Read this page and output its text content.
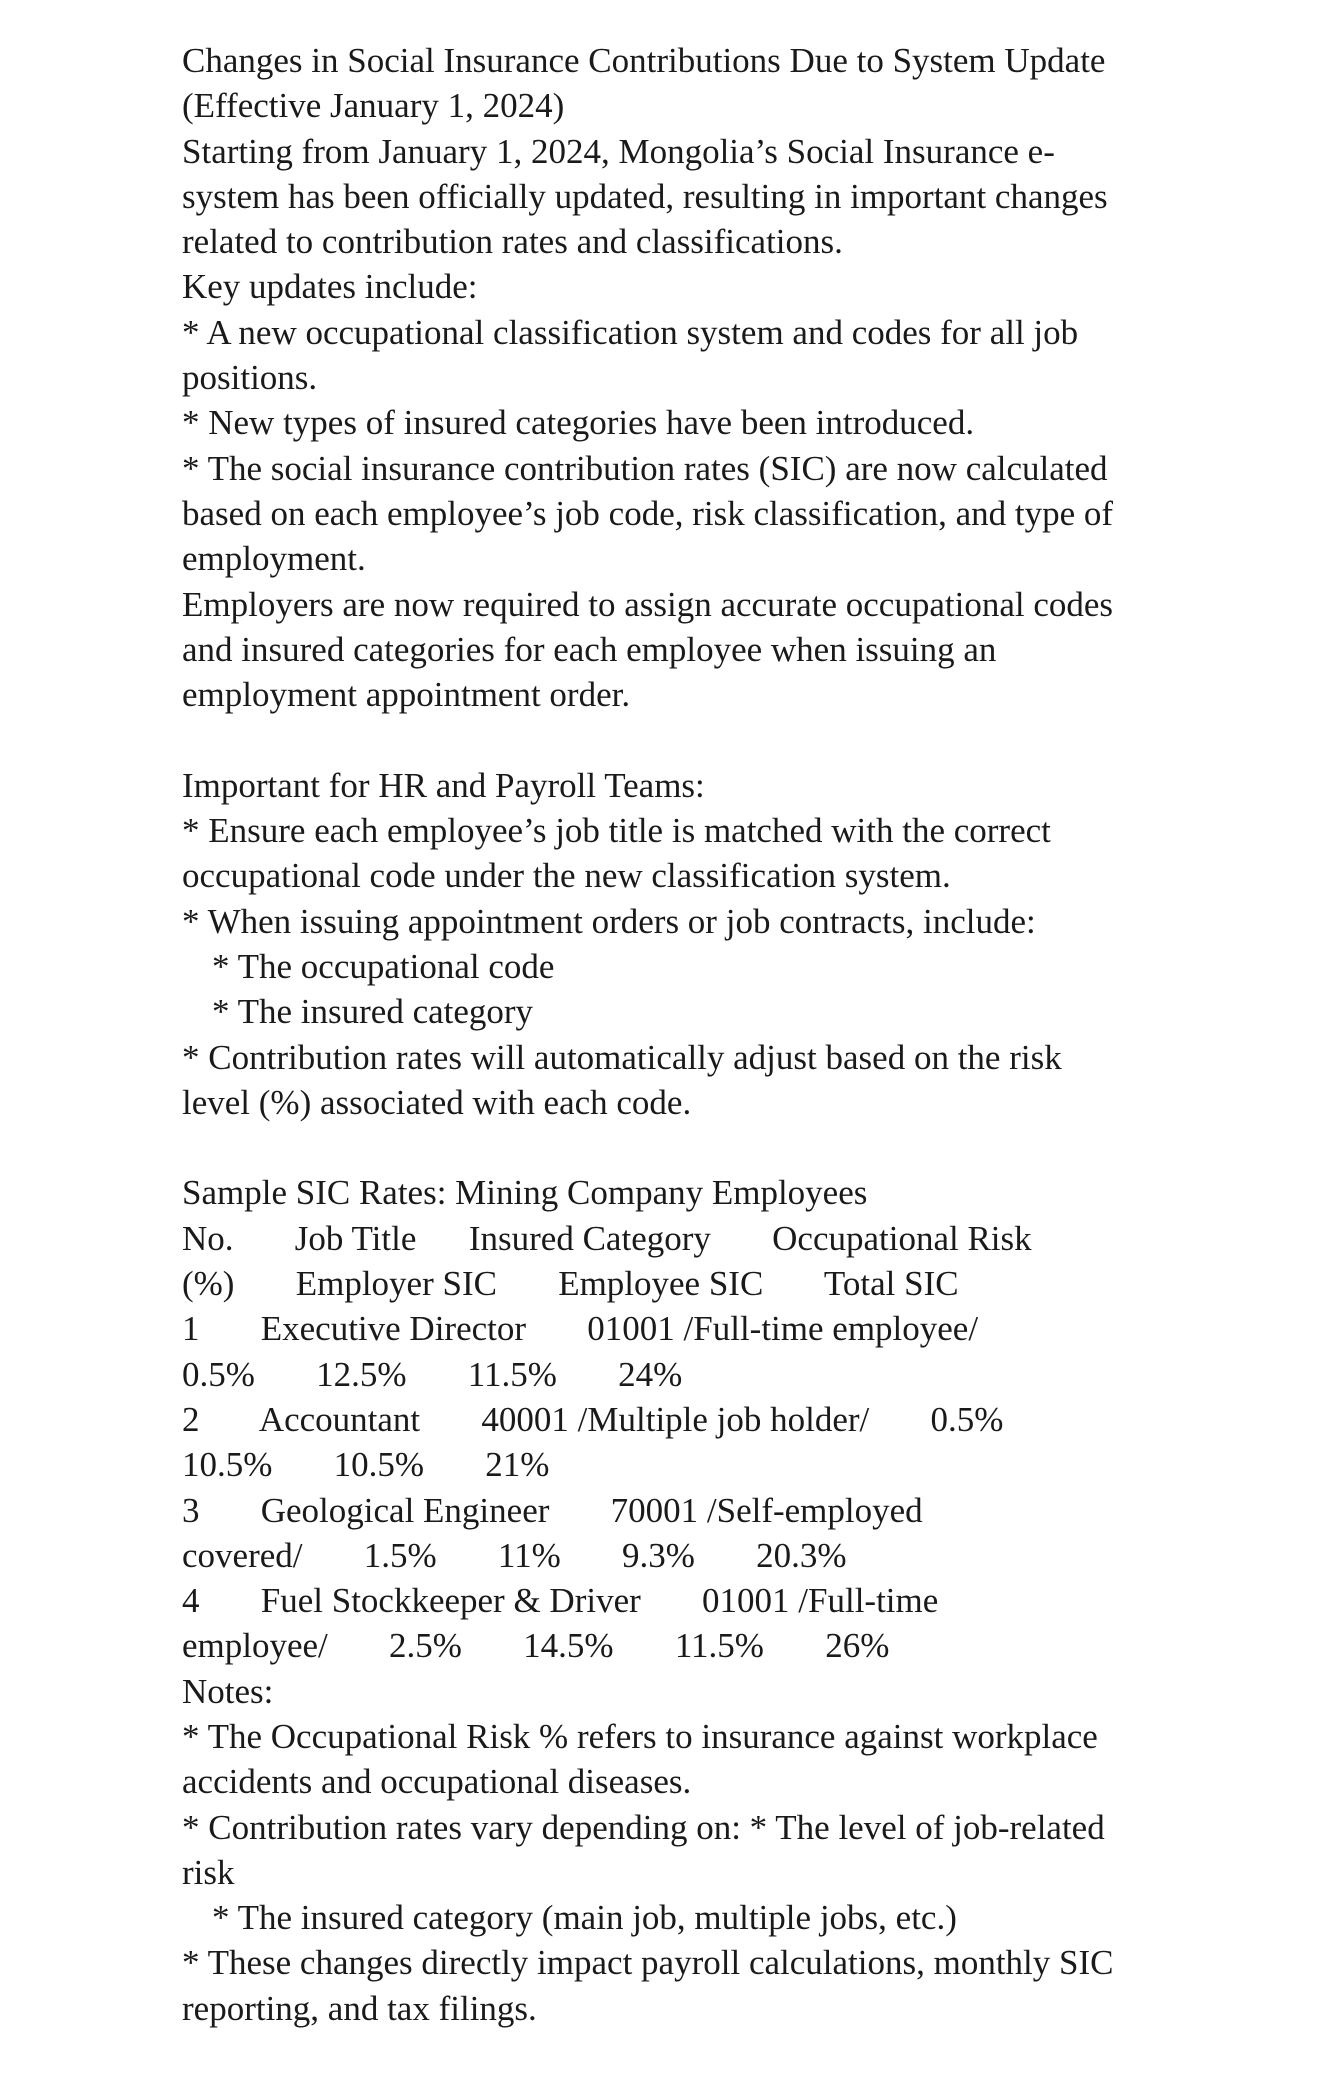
Changes in Social Insurance Contributions Due to System Update
(Effective January 1, 2024)
Starting from January 1, 2024, Mongolia’s Social Insurance e-
system has been officially updated, resulting in important changes
related to contribution rates and classifications.
Key updates include:
* A new occupational classification system and codes for all job
positions.
* New types of insured categories have been introduced.
* The social insurance contribution rates (SIC) are now calculated
based on each employee’s job code, risk classification, and type of
employment.
Employers are now required to assign accurate occupational codes
and insured categories for each employee when issuing an
employment appointment order.
Important for HR and Payroll Teams:
* Ensure each employee’s job title is matched with the correct
occupational code under the new classification system.
* When issuing appointment orders or job contracts, include:
* The occupational code
* The insured category
* Contribution rates will automatically adjust based on the risk
level (%) associated with each code.
Sample SIC Rates: Mining Company Employees
No.       Job Title      Insured Category       Occupational Risk
(%)       Employer SIC       Employee SIC       Total SIC
1       Executive Director       01001 /Full-time employee/
0.5%       12.5%       11.5%       24%
2       Accountant       40001 /Multiple job holder/       0.5%
10.5%       10.5%       21%
3       Geological Engineer       70001 /Self-employed
covered/       1.5%       11%       9.3%       20.3%
4       Fuel Stockkeeper & Driver       01001 /Full-time
employee/       2.5%       14.5%       11.5%       26%
Notes:
* The Occupational Risk % refers to insurance against workplace
accidents and occupational diseases.
* Contribution rates vary depending on: * The level of job-related
risk
* The insured category (main job, multiple jobs, etc.)
* These changes directly impact payroll calculations, monthly SIC
reporting, and tax filings.
